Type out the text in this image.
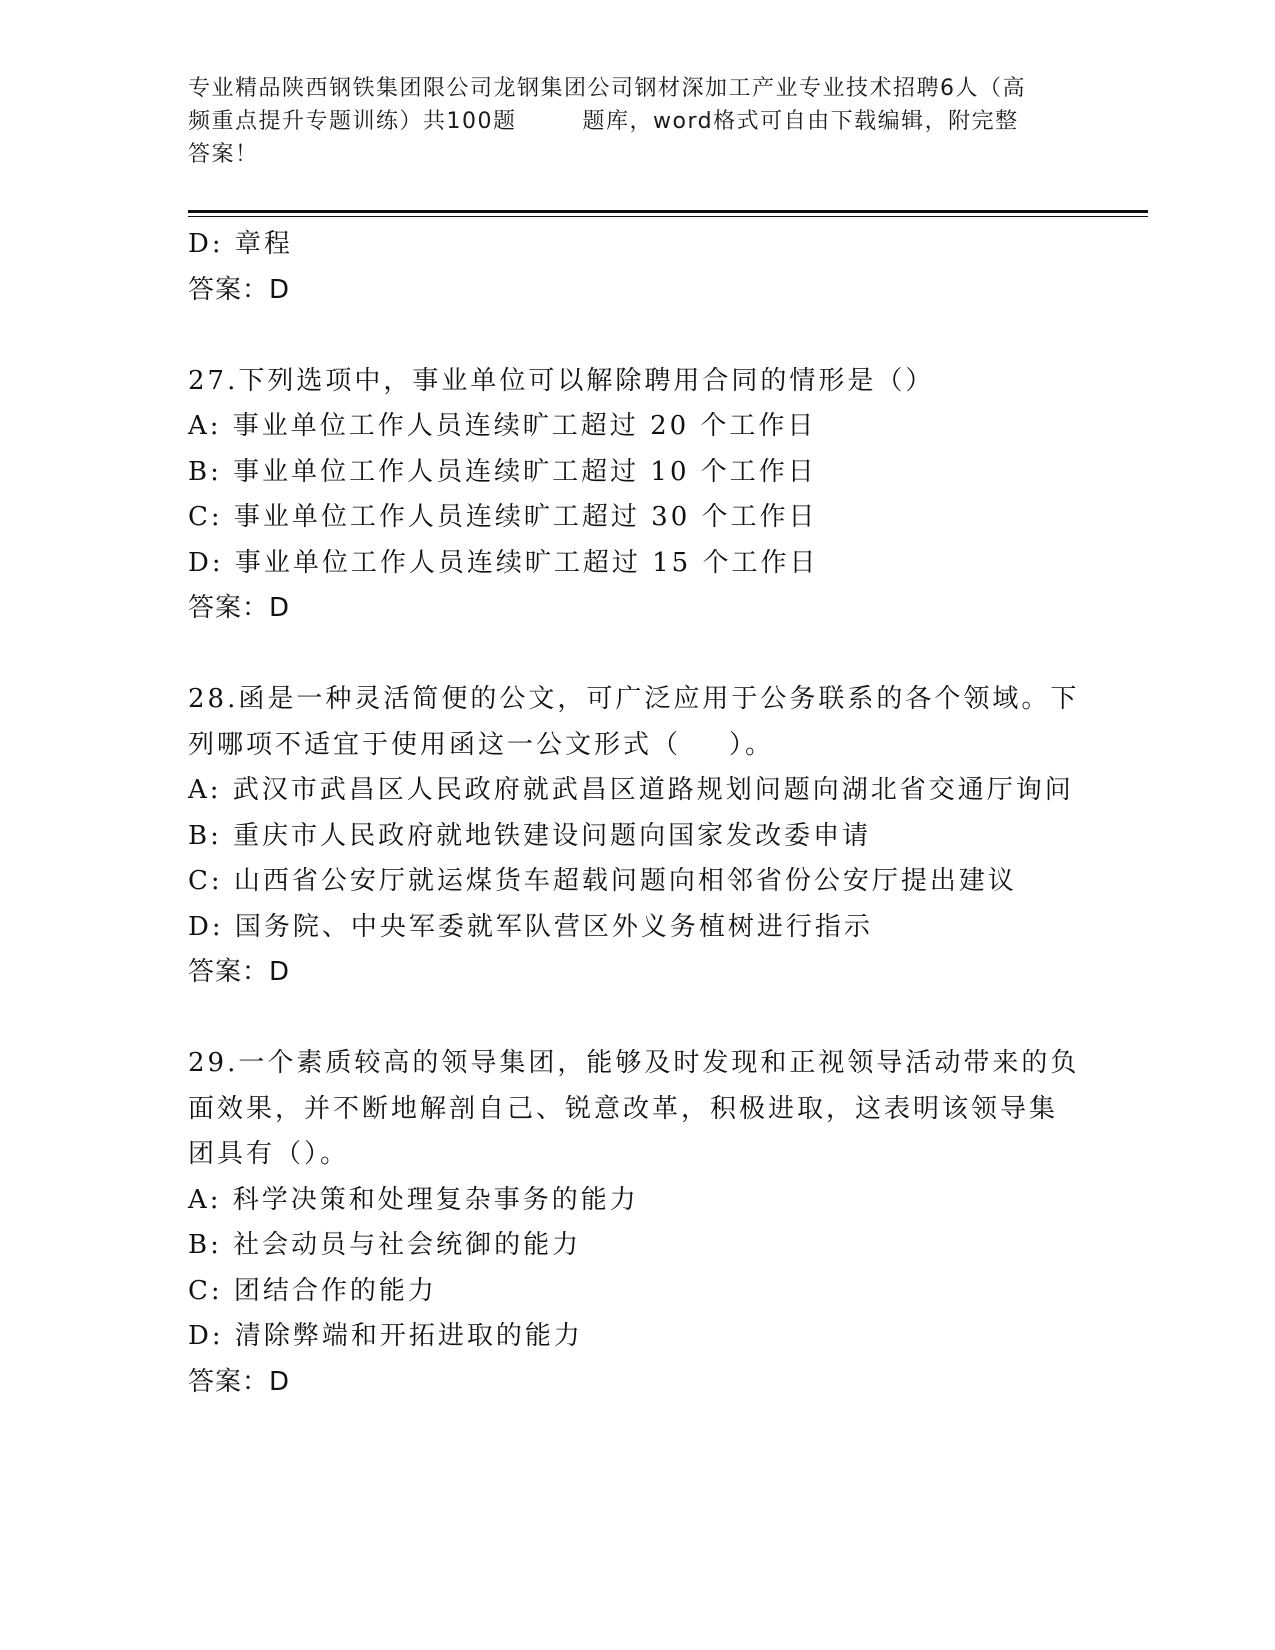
专业精品陕西钢铁集团限公司龙钢集团公司钢材深加工产业专业技术招聘6人（高
频重点提升专题训练）共100题	题库，word格式可自由下载编辑，附完整
答案！
D: 章程
答案：D
27.下列选项中，事业单位可以解除聘用合同的情形是（）
A: 事业单位工作人员连续旷工超过 20 个工作日
B: 事业单位工作人员连续旷工超过 10 个工作日
C: 事业单位工作人员连续旷工超过 30 个工作日
D: 事业单位工作人员连续旷工超过 15 个工作日
答案：D
28.函是一种灵活简便的公文，可广泛应用于公务联系的各个领域。下
列哪项不适宜于使用函这一公文形式（ ）。
A: 武汉市武昌区人民政府就武昌区道路规划问题向湖北省交通厅询问
B: 重庆市人民政府就地铁建设问题向国家发改委申请
C: 山西省公安厅就运煤货车超载问题向相邻省份公安厅提出建议
D: 国务院、中央军委就军队营区外义务植树进行指示
答案：D
29.一个素质较高的领导集团，能够及时发现和正视领导活动带来的负
面效果，并不断地解剖自己、锐意改革，积极进取，这表明该领导集
团具有（）。
A: 科学决策和处理复杂事务的能力
B: 社会动员与社会统御的能力
C: 团结合作的能力
D: 清除弊端和开拓进取的能力
答案：D
